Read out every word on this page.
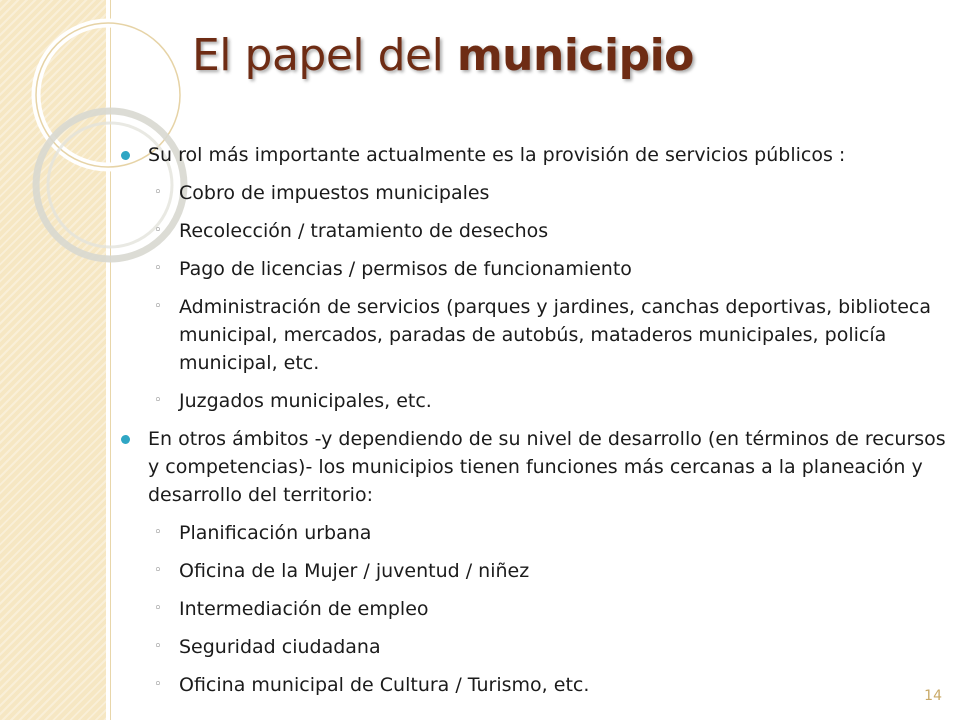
El papel del municipio
Su rol más importante actualmente es la provisión de servicios públicos :
◦ Cobro de impuestos municipales
◦ Recolección / tratamiento de desechos
◦ Pago de licencias / permisos de funcionamiento
◦ Administración de servicios (parques y jardines, canchas deportivas, biblioteca municipal, mercados, paradas de autobús, mataderos municipales, policía municipal, etc.
◦ Juzgados municipales, etc.
En otros ámbitos -y dependiendo de su nivel de desarrollo (en términos de recursos y competencias)- los municipios tienen funciones más cercanas a la planeación y desarrollo del territorio:
◦ Planificación urbana
◦ Oficina de la Mujer / juventud / niñez
◦ Intermediación de empleo
◦ Seguridad ciudadana
◦ Oficina municipal de Cultura / Turismo, etc.	14
